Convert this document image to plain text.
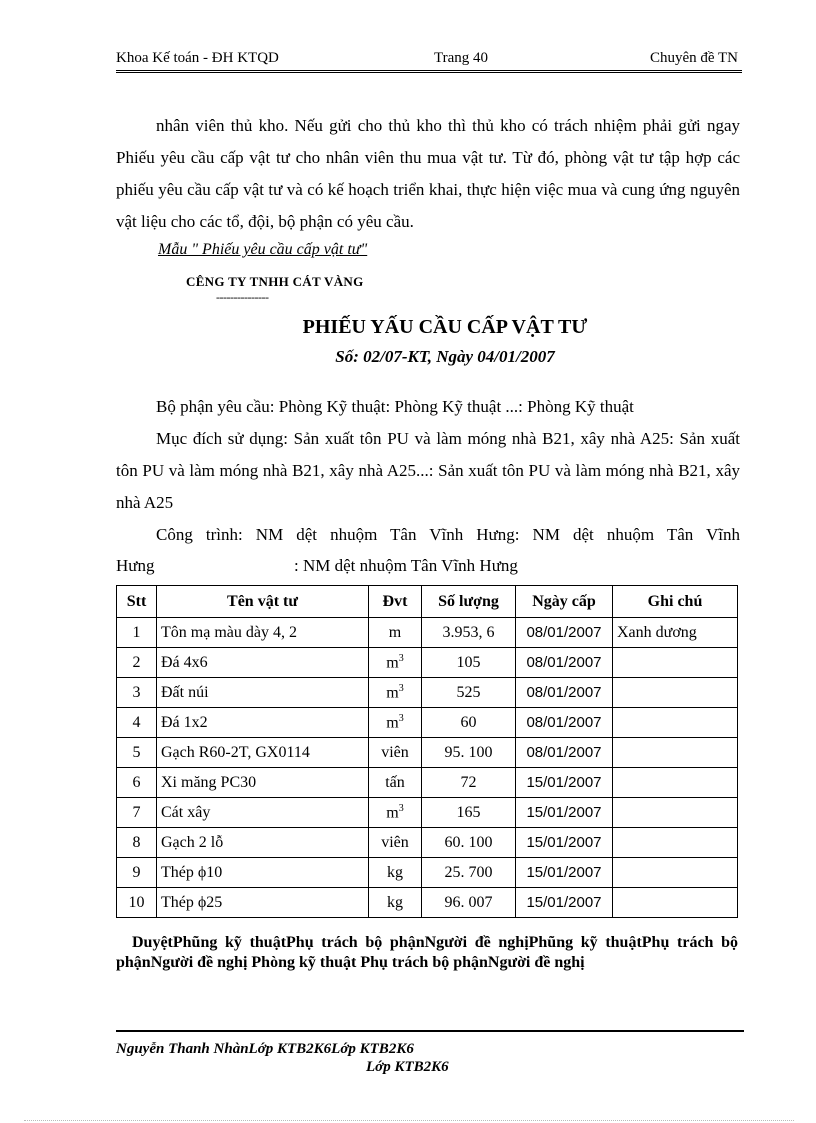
Khoa Kế toán - ĐH KTQD	Trang 40	Chuyên đề TN
nhân viên thủ kho. Nếu gửi cho thủ kho thì thủ kho có trách nhiệm phải gửi ngay Phiếu yêu cầu cấp vật tư cho nhân viên thu mua vật tư. Từ đó, phòng vật tư tập hợp các phiếu yêu cầu cấp vật tư và có kế hoạch triển khai, thực hiện việc mua và cung ứng nguyên vật liệu cho các tổ, đội, bộ phận có yêu cầu.
Mẫu " Phiếu yêu cầu cấp vật tư"
CÊNG TY TNHH CÁT VÀNG
---------------
PHIẾU YẤU CẦU CẤP VẬT TƯ
Số: 02/07-KT, Ngày 04/01/2007
Bộ phận yêu cầu: Phòng Kỹ thuật: Phòng Kỹ thuật ...: Phòng Kỹ thuật
Mục đích sử dụng: Sản xuất tôn PU và làm móng nhà B21, xây nhà A25: Sản xuất tôn PU và làm móng nhà B21, xây nhà A25...: Sản xuất tôn PU và làm móng nhà B21, xây nhà A25
Công trình: NM dệt nhuộm Tân Vĩnh Hưng: NM dệt nhuộm Tân Vĩnh
Hưng	: NM dệt nhuộm Tân Vĩnh Hưng
Stt	Tên vật tư	Đvt	Số lượng	Ngày cấp	Ghi chú
1	Tôn mạ màu dày 4, 2	m	3.953, 6	08/01/2007	Xanh dương
2	Đá 4x6	$m^3$	105	08/01/2007	
3	Đất núi	$m^3$	525	08/01/2007	
4	Đá 1x2	$m^3$	60	08/01/2007	
5	Gạch R60-2T, GX0114	viên	95. 100	08/01/2007	
6	Xi măng PC30	tấn	72	15/01/2007	
7	Cát xây	$m^3$	165	15/01/2007	
8	Gạch 2 lỗ	viên	60. 100	15/01/2007	
9	Thép ϕ10	kg	25. 700	15/01/2007	
10	Thép ϕ25	kg	96. 007	15/01/2007	
DuyệtPhũng kỹ thuậtPhụ trách bộ phậnNgười đề nghịPhũng kỹ thuậtPhụ trách bộ phậnNgười đề nghị Phòng kỹ thuật Phụ trách bộ phậnNgười đề nghị
Nguyễn Thanh NhànLớp KTB2K6Lớp KTB2K6
Lớp KTB2K6
